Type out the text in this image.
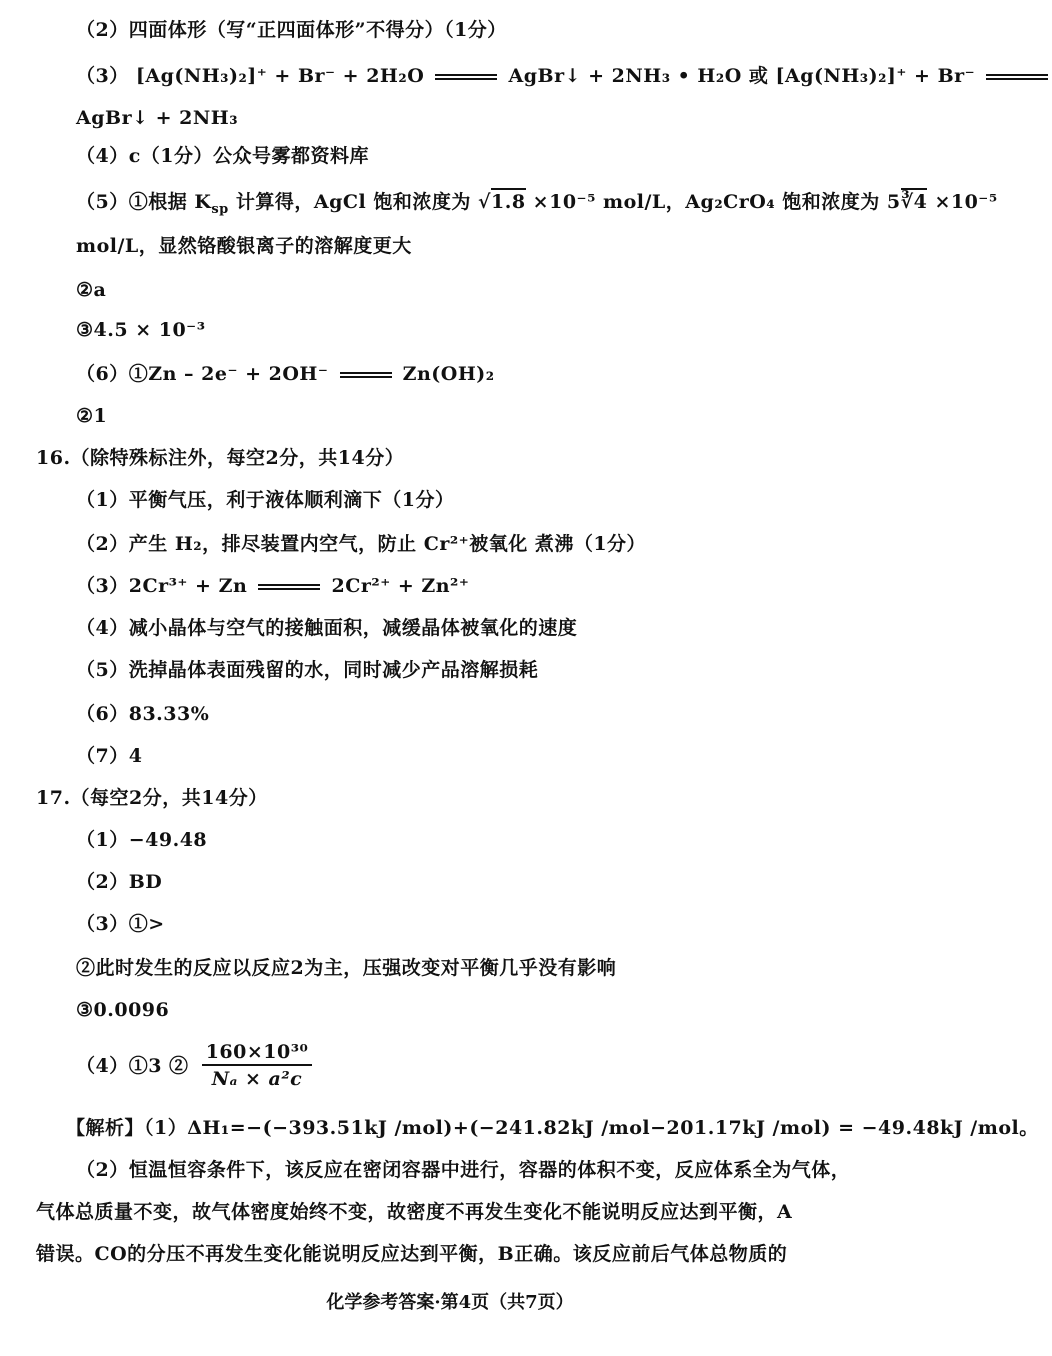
（2）四面体形（写“正四面体形”不得分）（1分）
（3） [Ag(NH₃)₂]⁺ + Br⁻ + 2H₂O	AgBr↓ + 2NH₃ • H₂O 或 [Ag(NH₃)₂]⁺ + Br⁻
AgBr↓ + 2NH₃
（4）c（1分）公众号雾都资料库
（5）①根据 $K_{sp}$ 计算得，AgCl 饱和浓度为 √1.8 ×10⁻⁵ mol/L，Ag₂CrO₄ 饱和浓度为 5∛4 ×10⁻⁵
mol/L，显然铬酸银离子的溶解度更大
②a
③4.5 × 10⁻³
（6）①Zn – 2e⁻ + 2OH⁻	Zn(OH)₂
②1
16.（除特殊标注外，每空2分，共14分）
（1）平衡气压，利于液体顺利滴下（1分）
（2）产生 H₂，排尽装置内空气，防止 Cr²⁺被氧化 煮沸（1分）
（3）2Cr³⁺ + Zn	2Cr²⁺ + Zn²⁺
（4）减小晶体与空气的接触面积，减缓晶体被氧化的速度
（5）洗掉晶体表面残留的水，同时减少产品溶解损耗
（6）83.33%
（7）4
17.（每空2分，共14分）
（1）−49.48
（2）BD
（3）①>
②此时发生的反应以反应2为主，压强改变对平衡几乎没有影响
③0.0096
（4）①3 ② $\frac{\text{160×10³⁰}}{\text{Nₐ × a²c}}$
【解析】（1）ΔH₁=−(−393.51kJ /mol)+(−241.82kJ /mol−201.17kJ /mol) = −49.48kJ /mol。
（2）恒温恒容条件下，该反应在密闭容器中进行，容器的体积不变，反应体系全为气体，
气体总质量不变，故气体密度始终不变，故密度不再发生变化不能说明反应达到平衡，A
错误。CO的分压不再发生变化能说明反应达到平衡，B正确。该反应前后气体总物质的
化学参考答案·第4页（共7页）
